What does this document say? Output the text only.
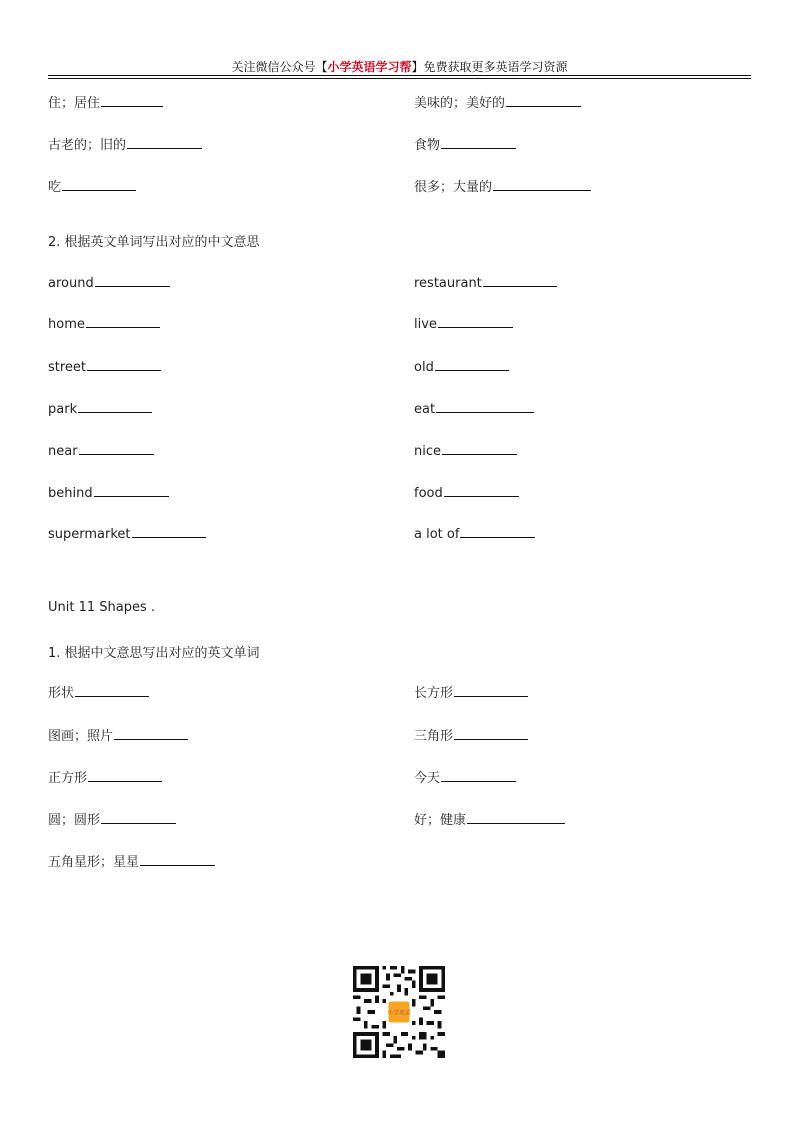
关注微信公众号【小学英语学习帮】免费获取更多英语学习资源
住；居住	美味的；美好的
古老的；旧的	食物
吃	很多；大量的
2. 根据英文单词写出对应的中文意思
around	restaurant
home	live
street	old
park	eat
near	nice
behind	food
supermarket	a lot of
Unit 11 Shapes .
1. 根据中文意思写出对应的英文单词
形状	长方形
图画；照片	三角形
正方形	今天
圆；圆形	好；健康
五角星形；星星
小学英语
